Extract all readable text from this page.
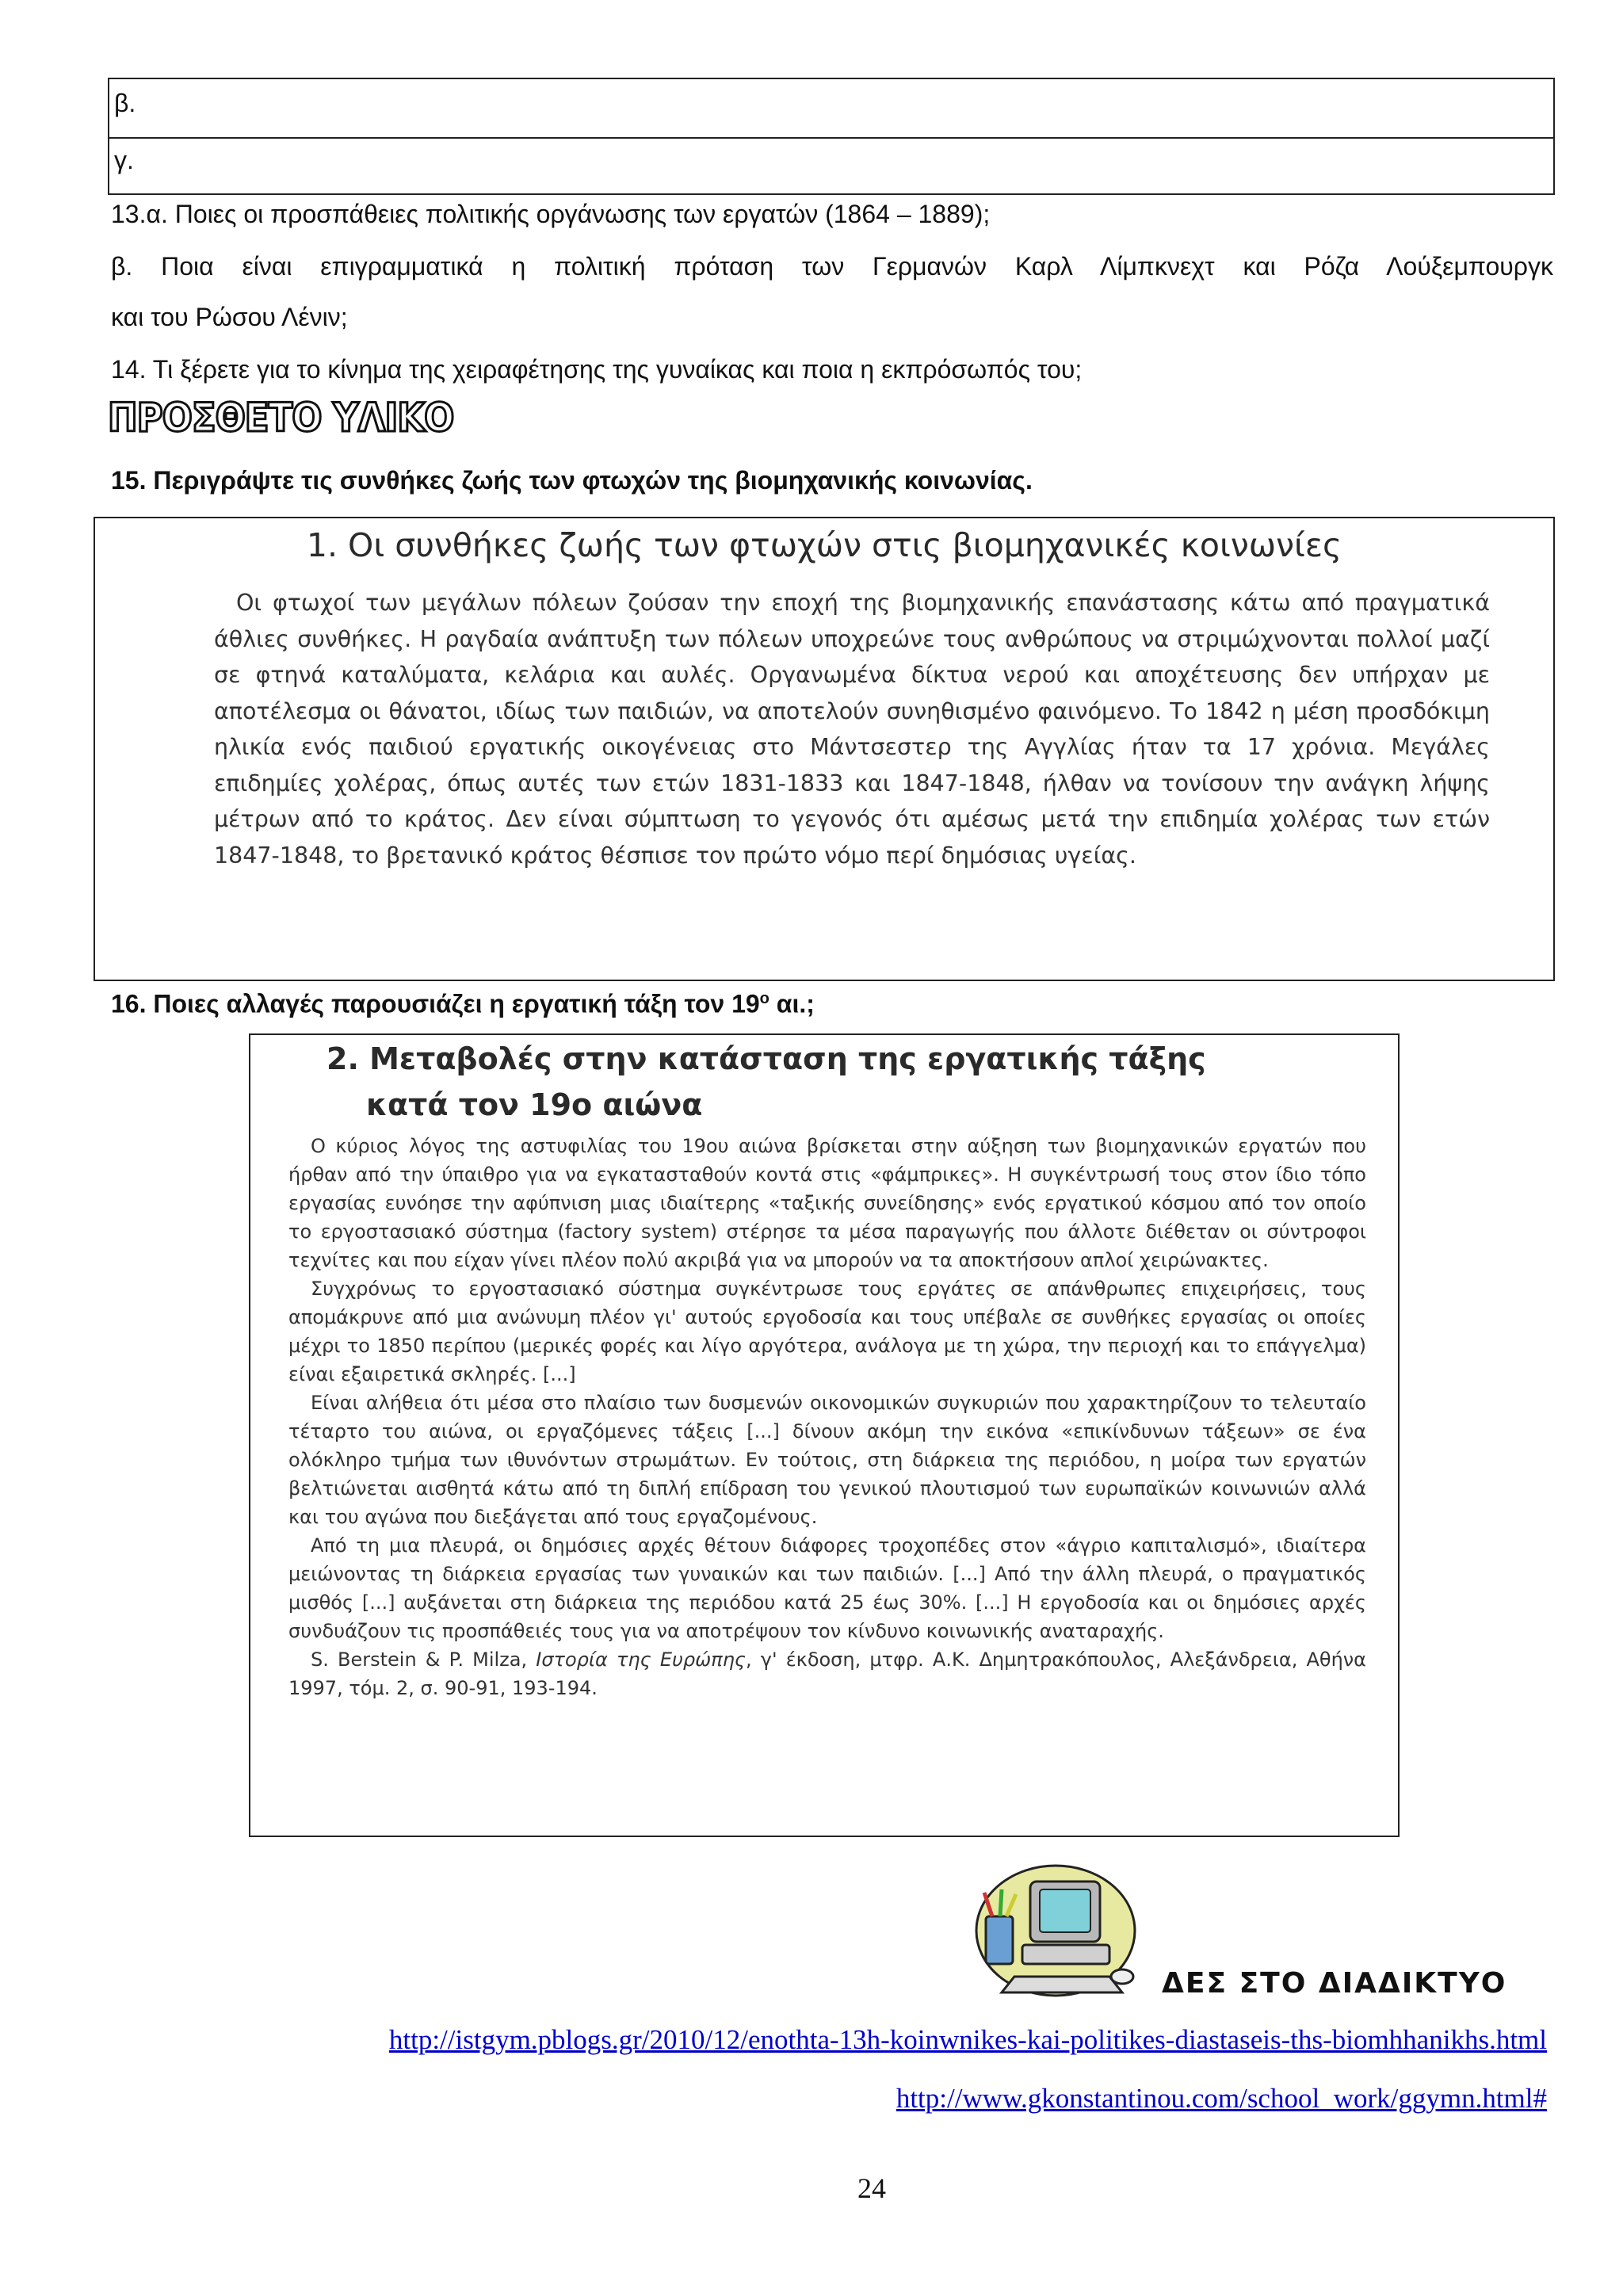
β.
γ.
13.α. Ποιες οι προσπάθειες πολιτικής οργάνωσης των εργατών (1864 – 1889);
β. Ποια είναι επιγραμματικά η πολιτική πρόταση των Γερμανών Καρλ Λίμπκνεχτ και Ρόζα Λούξεμπουργκ
και του Ρώσου Λένιν;
14. Τι ξέρετε για το κίνημα της χειραφέτησης της γυναίκας και ποια η εκπρόσωπός του;
ΠΡΟΣΘΕΤΟ ΥΛΙΚΟ
15. Περιγράψτε τις συνθήκες ζωής των φτωχών της βιομηχανικής κοινωνίας.
1. Οι συνθήκες ζωής των φτωχών στις βιομηχανικές κοινωνίες

Οι φτωχοί των μεγάλων πόλεων ζούσαν την εποχή της βιομηχανικής επανάστασης κάτω από πραγματικά άθλιες συνθήκες. Η ραγδαία ανάπτυξη των πόλεων υποχρεώνε τους ανθρώπους να στριμώχνονται πολλοί μαζί σε φτηνά καταλύματα, κελάρια και αυλές. Οργανωμένα δίκτυα νερού και αποχέτευσης δεν υπήρχαν με αποτέλεσμα οι θάνατοι, ιδίως των παιδιών, να αποτελούν συνηθισμένο φαινόμενο. Το 1842 η μέση προσδόκιμη ηλικία ενός παιδιού εργατικής οικογένειας στο Μάντσεστερ της Αγγλίας ήταν τα 17 χρόνια. Μεγάλες επιδημίες χολέρας, όπως αυτές των ετών 1831-1833 και 1847-1848, ήλθαν να τονίσουν την ανάγκη λήψης μέτρων από το κράτος. Δεν είναι σύμπτωση το γεγονός ότι αμέσως μετά την επιδημία χολέρας των ετών 1847-1848, το βρετανικό κράτος θέσπισε τον πρώτο νόμο περί δημόσιας υγείας.

16. Ποιες αλλαγές παρουσιάζει η εργατική τάξη τον $19^o$ αι.;
2. Μεταβολές στην κατάσταση της εργατικής τάξης
κατά τον 19ο αιώνα

Ο κύριος λόγος της αστυφιλίας του 19ου αιώνα βρίσκεται στην αύξηση των βιομηχανικών εργατών που ήρθαν από την ύπαιθρο για να εγκατασταθούν κοντά στις «φάμπρικες». Η συγκέντρωσή τους στον ίδιο τόπο εργασίας ευνόησε την αφύπνιση μιας ιδιαίτερης «ταξικής συνείδησης» ενός εργατικού κόσμου από τον οποίο το εργοστασιακό σύστημα (factory system) στέρησε τα μέσα παραγωγής που άλλοτε διέθεταν οι σύντροφοι τεχνίτες και που είχαν γίνει πλέον πολύ ακριβά για να μπορούν να τα αποκτήσουν απλοί χειρώνακτες.

Συγχρόνως το εργοστασιακό σύστημα συγκέντρωσε τους εργάτες σε απάνθρωπες επιχειρήσεις, τους απομάκρυνε από μια ανώνυμη πλέον γι' αυτούς εργοδοσία και τους υπέβαλε σε συνθήκες εργασίας οι οποίες μέχρι το 1850 περίπου (μερικές φορές και λίγο αργότερα, ανάλογα με τη χώρα, την περιοχή και το επάγγελμα) είναι εξαιρετικά σκληρές. [...]

Είναι αλήθεια ότι μέσα στο πλαίσιο των δυσμενών οικονομικών συγκυριών που χαρακτηρίζουν το τελευταίο τέταρτο του αιώνα, οι εργαζόμενες τάξεις [...] δίνουν ακόμη την εικόνα «επικίνδυνων τάξεων» σε ένα ολόκληρο τμήμα των ιθυνόντων στρωμάτων. Εν τούτοις, στη διάρκεια της περιόδου, η μοίρα των εργατών βελτιώνεται αισθητά κάτω από τη διπλή επίδραση του γενικού πλουτισμού των ευρωπαϊκών κοινωνιών αλλά και του αγώνα που διεξάγεται από τους εργαζομένους.

Από τη μια πλευρά, οι δημόσιες αρχές θέτουν διάφορες τροχοπέδες στον «άγριο καπιταλισμό», ιδιαίτερα μειώνοντας τη διάρκεια εργασίας των γυναικών και των παιδιών. [...] Από την άλλη πλευρά, ο πραγματικός μισθός [...] αυξάνεται στη διάρκεια της περιόδου κατά 25 έως 30%. [...] Η εργοδοσία και οι δημόσιες αρχές συνδυάζουν τις προσπάθειές τους για να αποτρέψουν τον κίνδυνο κοινωνικής αναταραχής.

S. Berstein & P. Milza, Ιστορία της Ευρώπης, γ' έκδοση, μτφρ. Α.Κ. Δημητρακόπουλος, Αλεξάνδρεια, Αθήνα 1997, τόμ. 2, σ. 90-91, 193-194.

ΔΕΣ ΣΤΟ ΔΙΑΔΙΚΤΥΟ
http://istgym.pblogs.gr/2010/12/enothta-13h-koinwnikes-kai-politikes-diastaseis-ths-biomhhanikhs.html
http://www.gkonstantinou.com/school_work/ggymn.html#
24
